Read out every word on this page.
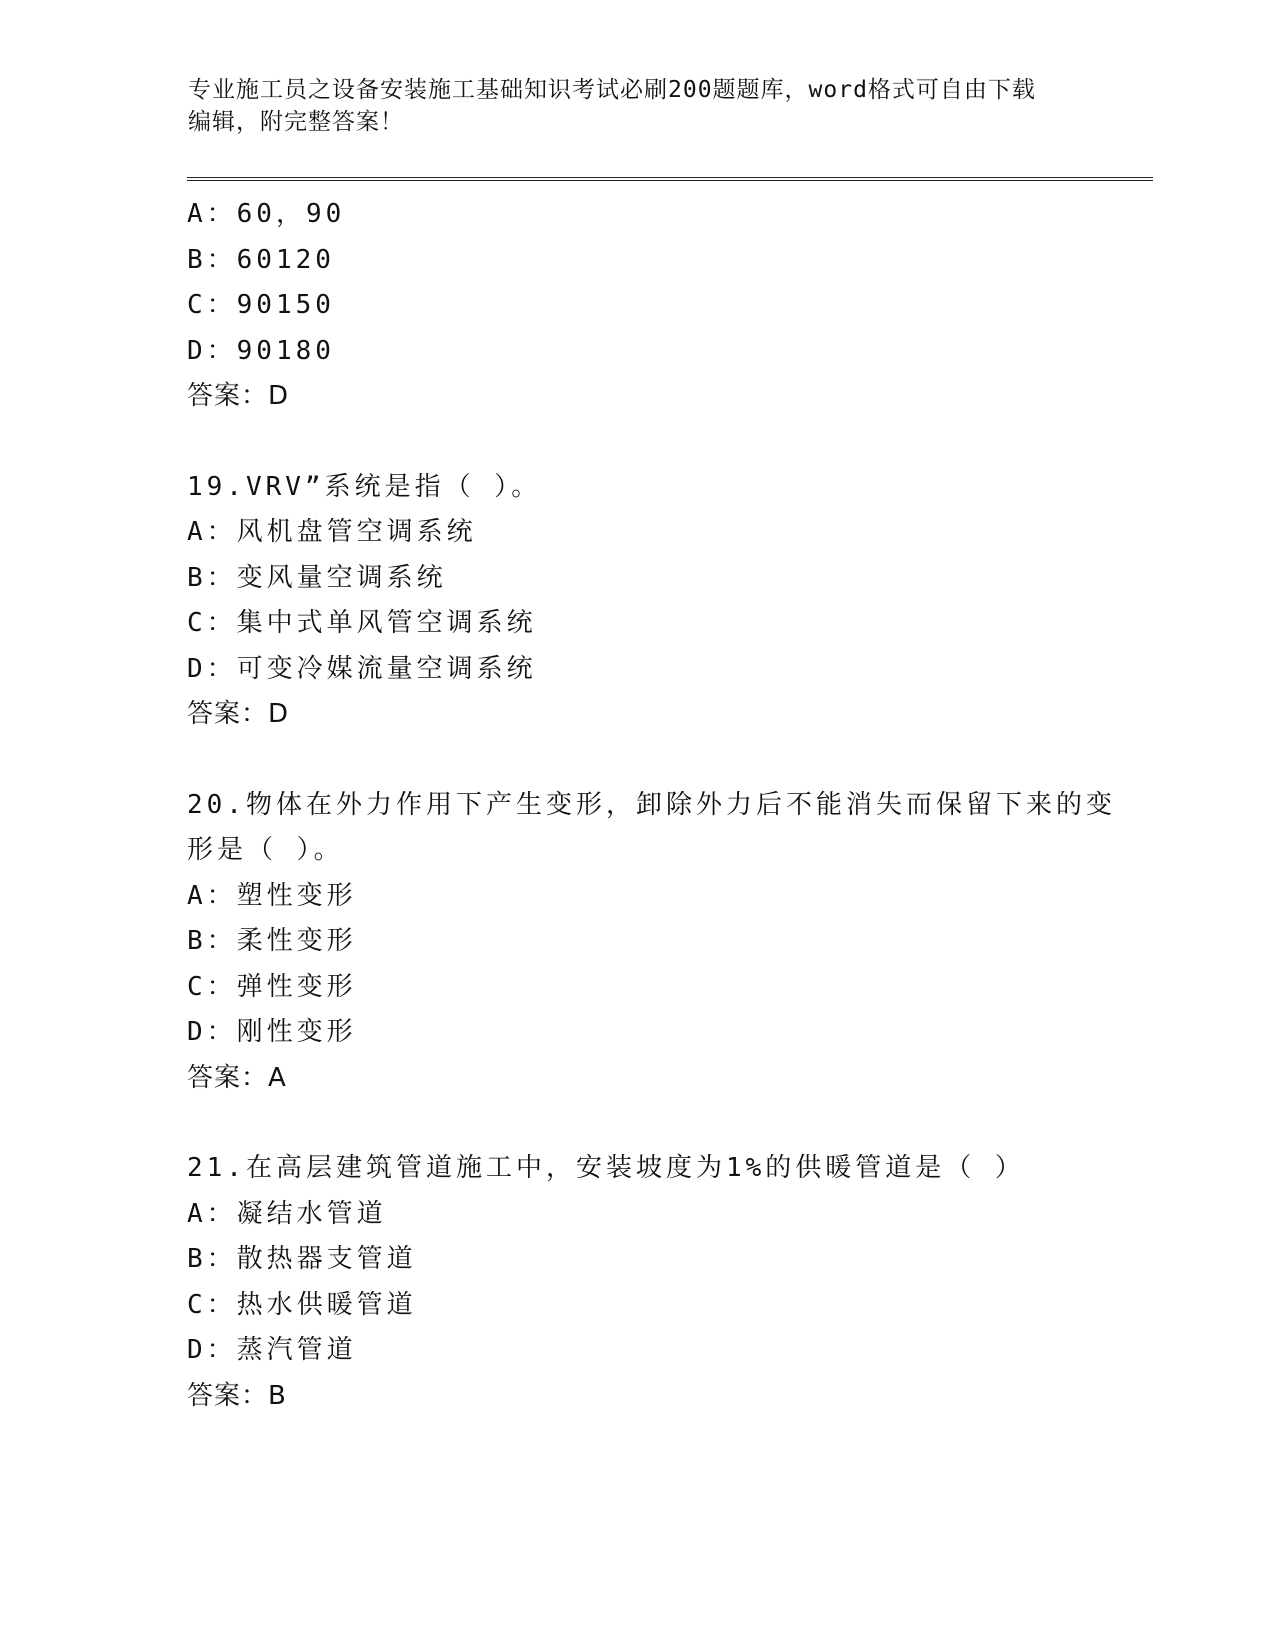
专业施工员之设备安装施工基础知识考试必刷200题题库，word格式可自由下载
编辑，附完整答案！
A：60，90
B：60120
C：90150
D：90180
答案：D
19.VRV”系统是指（ ）。
A：风机盘管空调系统
B：变风量空调系统
C：集中式单风管空调系统
D：可变冷媒流量空调系统
答案：D
20.物体在外力作用下产生变形，卸除外力后不能消失而保留下来的变
形是（ ）。
A：塑性变形
B：柔性变形
C：弹性变形
D：刚性变形
答案：A
21.在高层建筑管道施工中，安装坡度为1%的供暖管道是（ ）
A：凝结水管道
B：散热器支管道
C：热水供暖管道
D：蒸汽管道
答案：B
